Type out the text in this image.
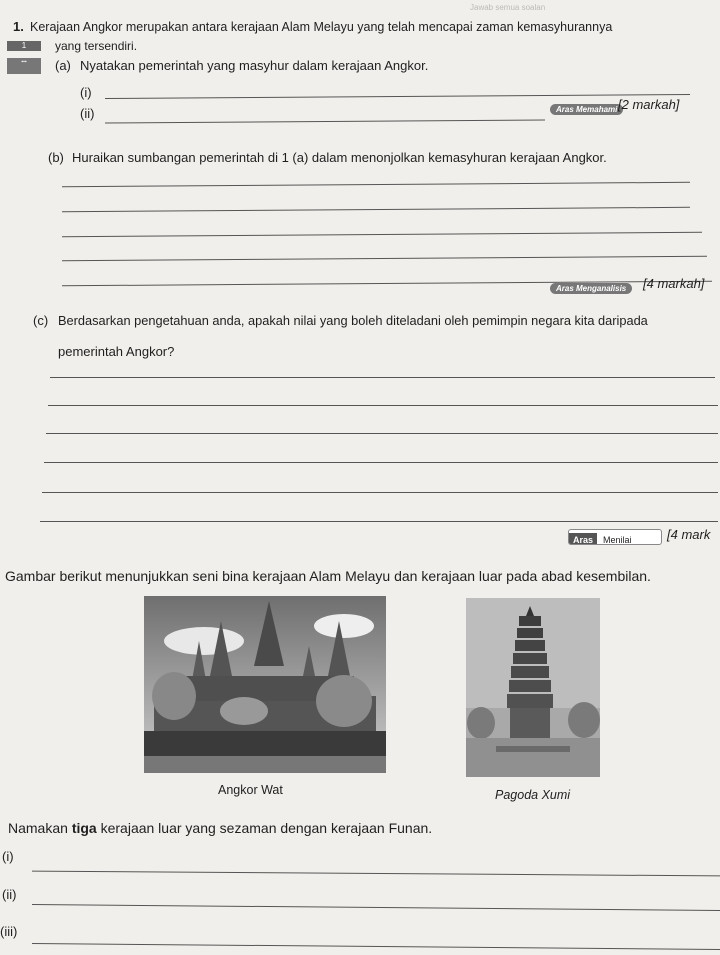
Jawab semua soalan
1. Kerajaan Angkor merupakan antara kerajaan Alam Melayu yang telah mencapai zaman kemasyhurannya
1	yang tersendiri.
▪▪▪	(a) Nyatakan pemerintah yang masyhur dalam kerajaan Angkor.
(i)
(ii)	Aras Memahami [2 markah]
(b) Huraikan sumbangan pemerintah di 1 (a) dalam menonjolkan kemasyhuran kerajaan Angkor.
Aras Menganalisis	[4 markah]
(c) Berdasarkan pengetahuan anda, apakah nilai yang boleh diteladani oleh pemimpin negara kita daripada
pemerintah Angkor?
Aras Menilai	[4 mark
Gambar berikut menunjukkan seni bina kerajaan Alam Melayu dan kerajaan luar pada abad kesembilan.
Angkor Wat	Pagoda Xumi
Namakan tiga kerajaan luar yang sezaman dengan kerajaan Funan.
(i)
(ii)
(iii)
